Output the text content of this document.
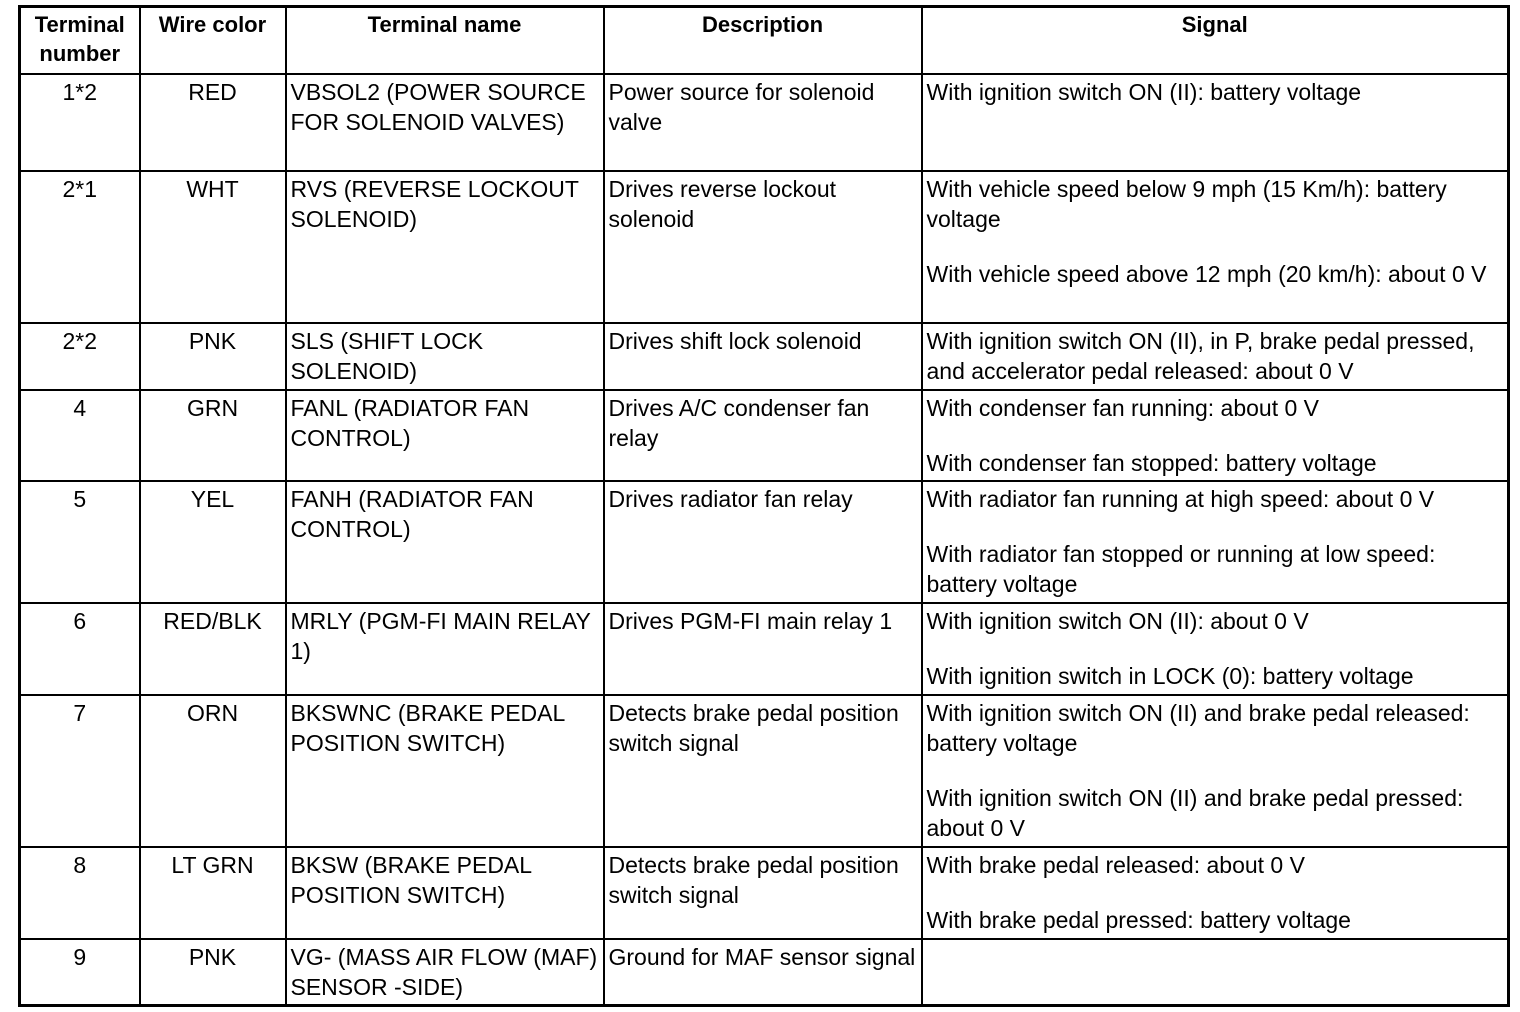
Terminal
number	Wire color	Terminal name	Description	Signal
1*2	RED	VBSOL2 (POWER SOURCE FOR SOLENOID VALVES)	Power source for solenoid valve	With ignition switch ON (II): battery voltage

2*1	WHT	RVS (REVERSE LOCKOUT SOLENOID)	Drives reverse lockout solenoid	With vehicle speed below 9 mph (15 Km/h): battery voltage
With vehicle speed above 12 mph (20 km/h): about 0 V

2*2	PNK	SLS (SHIFT LOCK SOLENOID)	Drives shift lock solenoid	With ignition switch ON (II), in P, brake pedal pressed, and accelerator pedal released: about 0 V

4	GRN	FANL (RADIATOR FAN CONTROL)	Drives A/C condenser fan relay	With condenser fan running: about 0 V
With condenser fan stopped: battery voltage

5	YEL	FANH (RADIATOR FAN CONTROL)	Drives radiator fan relay	With radiator fan running at high speed: about 0 V
With radiator fan stopped or running at low speed: battery voltage

6	RED/BLK	MRLY (PGM-FI MAIN RELAY 1)	Drives PGM-FI main relay 1	With ignition switch ON (II): about 0 V
With ignition switch in LOCK (0): battery voltage

7	ORN	BKSWNC (BRAKE PEDAL POSITION SWITCH)	Detects brake pedal position switch signal	With ignition switch ON (II) and brake pedal released: battery voltage
With ignition switch ON (II) and brake pedal pressed: about 0 V

8	LT GRN	BKSW (BRAKE PEDAL POSITION SWITCH)	Detects brake pedal position switch signal	With brake pedal released: about 0 V
With brake pedal pressed: battery voltage

9	PNK	VG- (MASS AIR FLOW (MAF) SENSOR -SIDE)	Ground for MAF sensor signal	
